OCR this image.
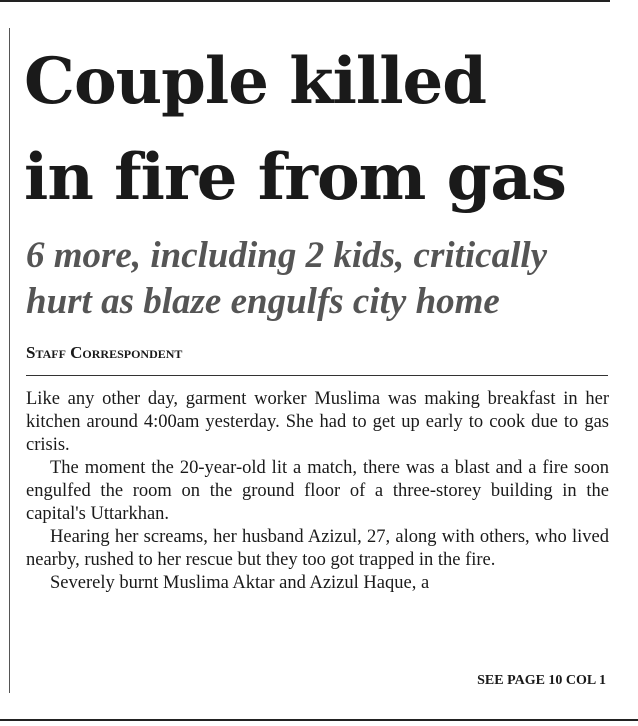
Couple killed
in fire from gas
6 more, including 2 kids, critically
hurt as blaze engulfs city home
Staff Correspondent

Like any other day, garment worker Muslima was making breakfast in her kitchen around 4:00am yesterday. She had to get up early to cook due to gas crisis.

The moment the 20-year-old lit a match, there was a blast and a fire soon engulfed the room on the ground floor of a three-storey building in the capital's Uttarkhan.

Hearing her screams, her husband Azizul, 27, along with others, who lived nearby, rushed to her rescue but they too got trapped in the fire.

Severely burnt Muslima Aktar and Azizul Haque, a

SEE PAGE 10 COL 1
